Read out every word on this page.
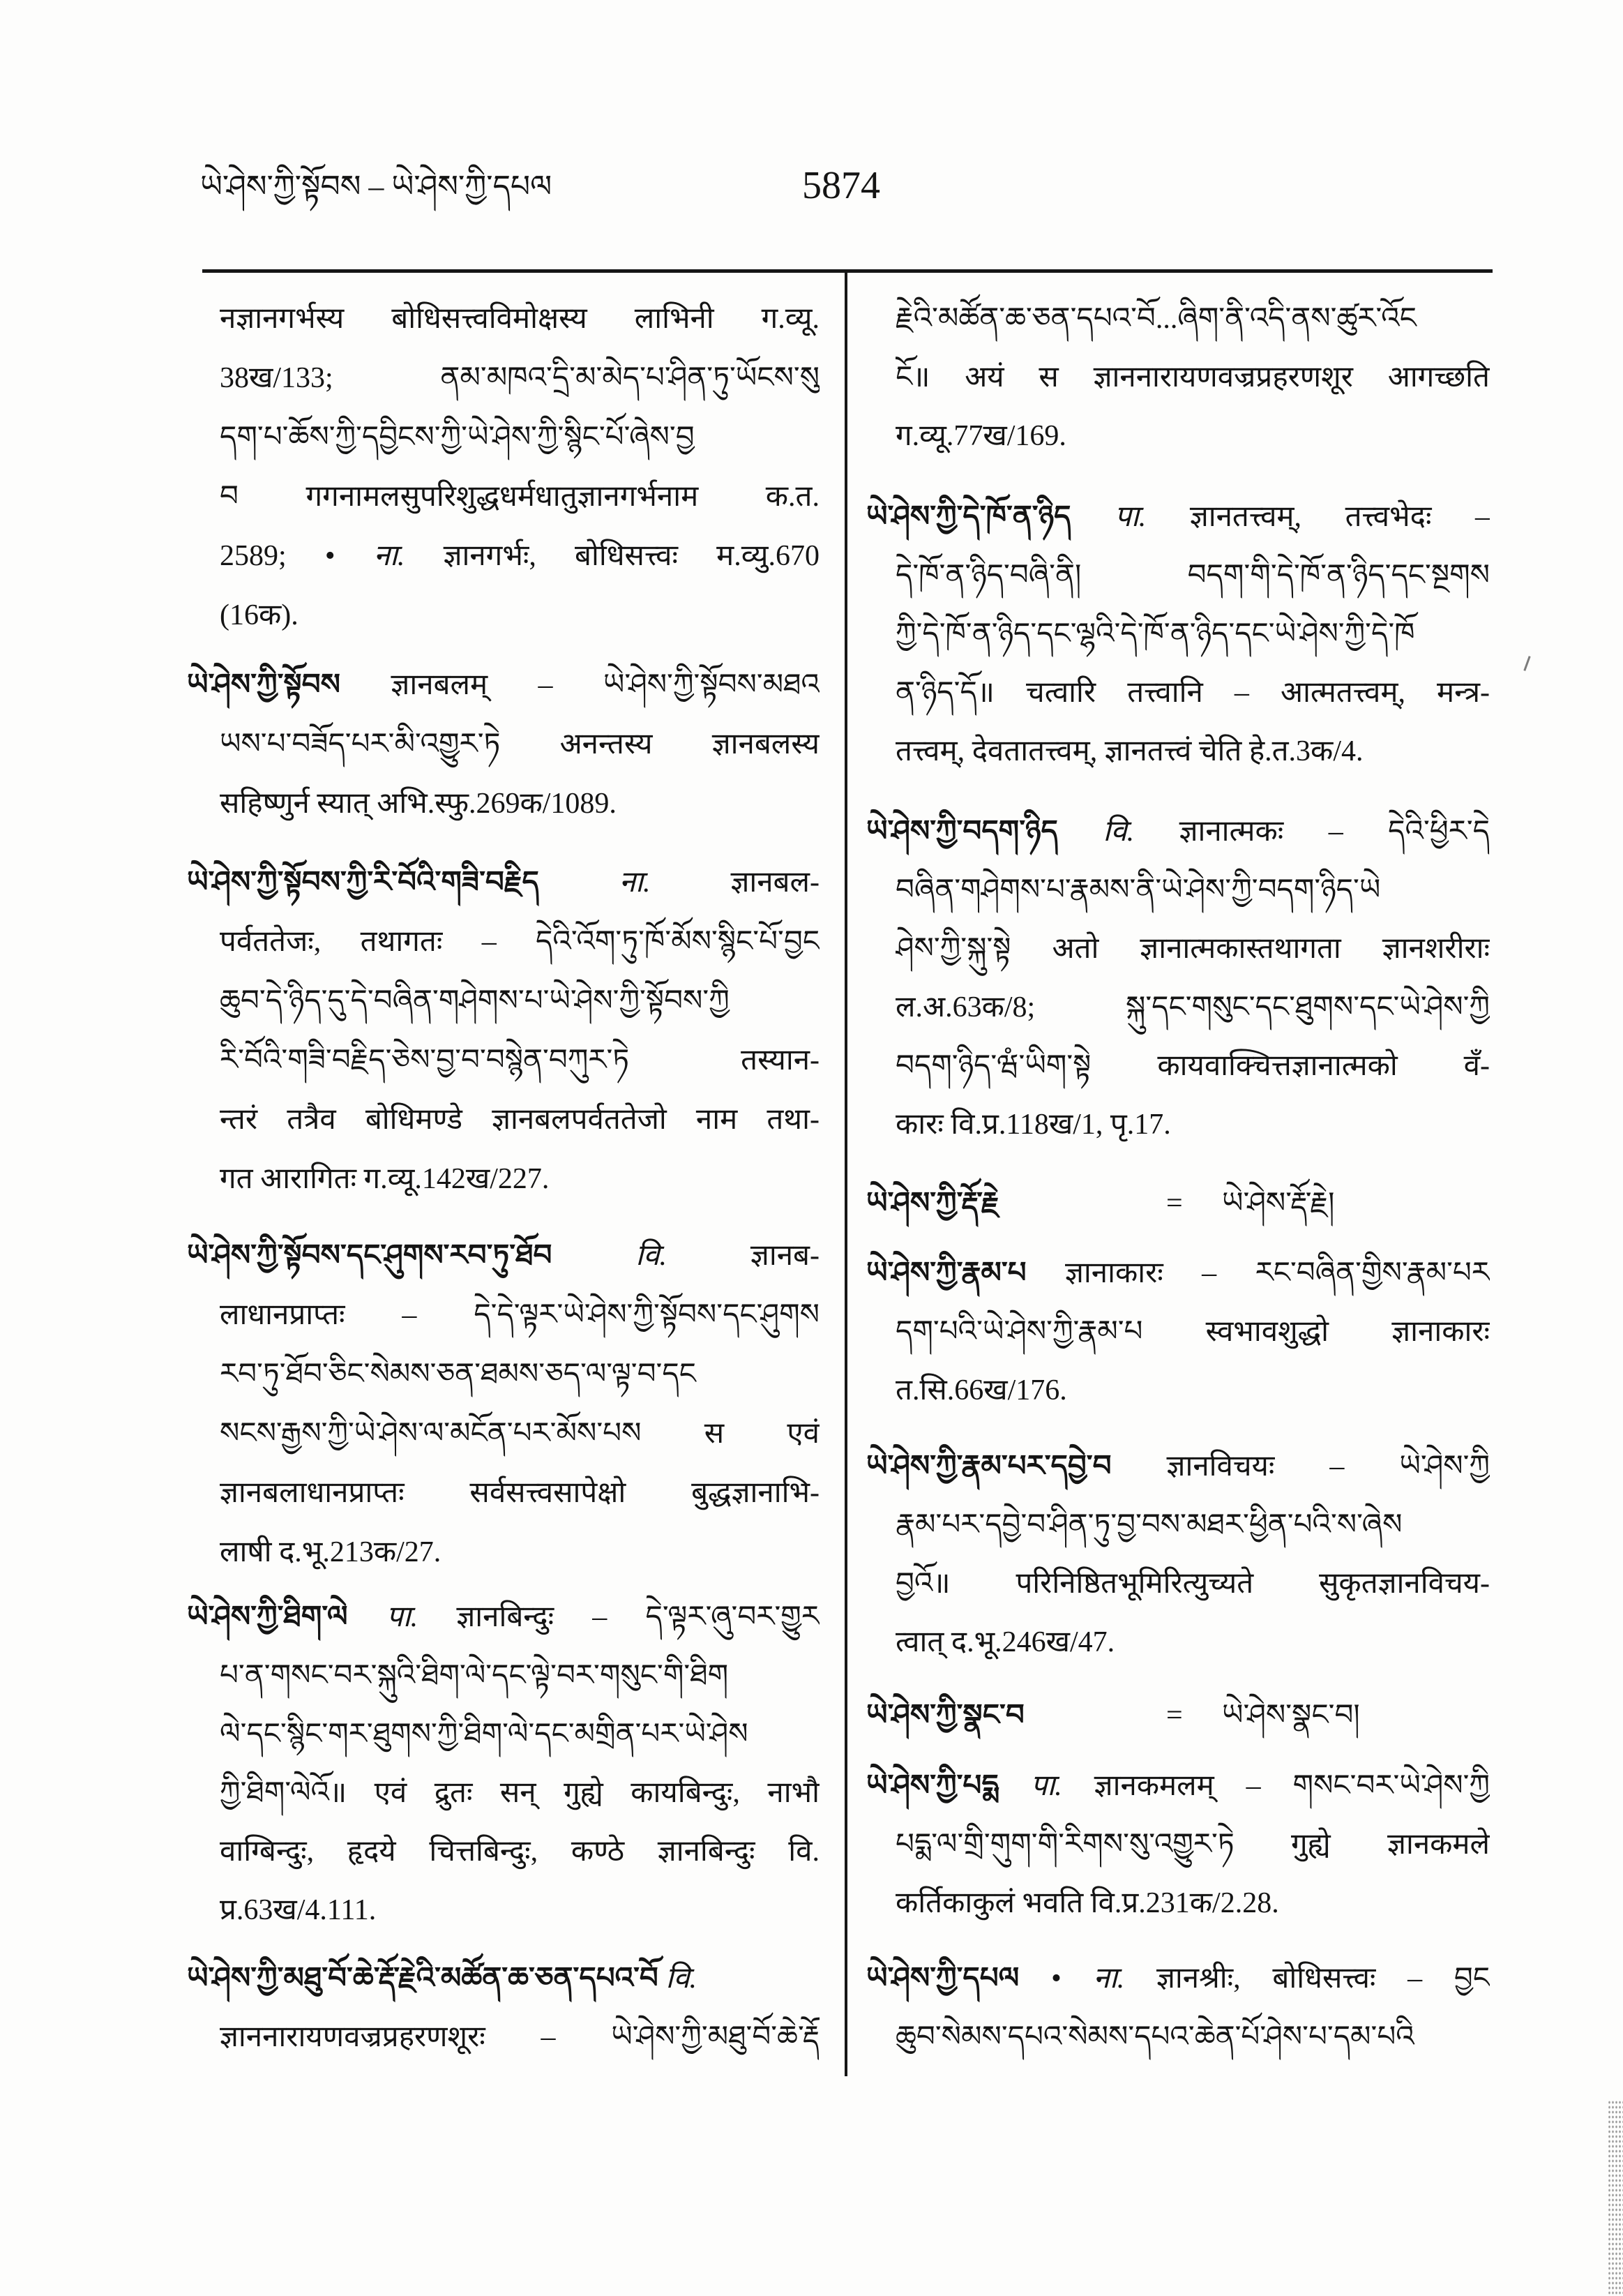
ཡེ་ཤེས་ཀྱི་སྟོབས – ཡེ་ཤེས་ཀྱི་དཔལ	5874
नज्ञानगर्भस्य बोधिसत्त्वविमोक्षस्य लाभिनी ग.व्यू.
38ख/133; ནམ་མཁའ་དྲི་མ་མེད་པ་ཤིན་ཏུ་ཡོངས་སུ
དག་པ་ཆོས་ཀྱི་དབྱིངས་ཀྱི་ཡེ་ཤེས་ཀྱི་སྙིང་པོ་ཞེས་བྱ
བ गगनामलसुपरिशुद्धधर्मधातुज्ञानगर्भनाम क.त.
2589; • ना. ज्ञानगर्भः, बोधिसत्त्वः म.व्यु.670
(16क).
ཡེ་ཤེས་ཀྱི་སྟོབས ज्ञानबलम् – ཡེ་ཤེས་ཀྱི་སྟོབས་མཐའ
ཡས་པ་བཟོད་པར་མི་འགྱུར་ཏེ अनन्तस्य ज्ञानबलस्य
सहिष्णुर्न स्यात् अभि.स्फु.269क/1089.
ཡེ་ཤེས་ཀྱི་སྟོབས་ཀྱི་རི་བོའི་གཟི་བརྗིད	ना.	ज्ञानबल-
पर्वततेजः, तथागतः – དེའི་འོག་ཏུ་ཁོ་མོས་སྙིང་པོ་བྱང
ཆུབ་དེ་ཉིད་དུ་དེ་བཞིན་གཤེགས་པ་ཡེ་ཤེས་ཀྱི་སྟོབས་ཀྱི
རི་བོའི་གཟི་བརྗིད་ཅེས་བྱ་བ་བསྙེན་བཀུར་ཏེ तस्यान-
न्तरं तत्रैव बोधिमण्डे ज्ञानबलपर्वततेजो नाम तथा-
गत आरागितः ग.व्यू.142ख/227.
ཡེ་ཤེས་ཀྱི་སྟོབས་དང་ཤུགས་རབ་ཏུ་ཐོབ	वि.	ज्ञानब-
लाधानप्राप्तः – དེ་དེ་ལྟར་ཡེ་ཤེས་ཀྱི་སྟོབས་དང་ཤུགས
རབ་ཏུ་ཐོབ་ཅིང་སེམས་ཅན་ཐམས་ཅད་ལ་ལྟ་བ་དང
སངས་རྒྱས་ཀྱི་ཡེ་ཤེས་ལ་མངོན་པར་མོས་པས स एवं
ज्ञानबलाधानप्राप्तः सर्वसत्त्वसापेक्षो बुद्धज्ञानाभि-
लाषी द.भू.213क/27.
ཡེ་ཤེས་ཀྱི་ཐིག་ལེ पा. ज्ञानबिन्दुः – དེ་ལྟར་ཞུ་བར་གྱུར
པ་ན་གསང་བར་སྐུའི་ཐིག་ལེ་དང་ལྟེ་བར་གསུང་གི་ཐིག
ལེ་དང་སྙིང་གར་ཐུགས་ཀྱི་ཐིག་ལེ་དང་མགྲིན་པར་ཡེ་ཤེས
ཀྱི་ཐིག་ལེའོ॥ एवं द्रुतः सन् गुह्ये कायबिन्दुः, नाभौ
वाग्बिन्दुः, हृदये चित्तबिन्दुः, कण्ठे ज्ञानबिन्दुः वि.
प्र.63ख/4.111.
ཡེ་ཤེས་ཀྱི་མཐུ་བོ་ཆེ་རྡོ་རྗེའི་མཚོན་ཆ་ཅན་དཔའ་བོ वि.
ज्ञाननारायणवज्रप्रहरणशूरः – ཡེ་ཤེས་ཀྱི་མཐུ་བོ་ཆེ་རྡོ
རྗེའི་མཚོན་ཆ་ཅན་དཔའ་བོ...ཞིག་ནི་འདི་ནས་ཚུར་འོང
ངོ॥ अयं स ज्ञाननारायणवज्रप्रहरणशूर आगच्छति
ग.व्यू.77ख/169.
ཡེ་ཤེས་ཀྱི་དེ་ཁོ་ན་ཉིད पा. ज्ञानतत्त्वम्, तत्त्वभेदः –
དེ་ཁོ་ན་ཉིད་བཞི་ནི། བདག་གི་དེ་ཁོ་ན་ཉིད་དང་སྔགས
ཀྱི་དེ་ཁོ་ན་ཉིད་དང་ལྷའི་དེ་ཁོ་ན་ཉིད་དང་ཡེ་ཤེས་ཀྱི་དེ་ཁོ
ན་ཉིད་དོ॥ चत्वारि तत्त्वानि – आत्मतत्त्वम्, मन्त्र-
तत्त्वम्, देवतातत्त्वम्, ज्ञानतत्त्वं चेति हे.त.3क/4.
ཡེ་ཤེས་ཀྱི་བདག་ཉིད वि. ज्ञानात्मकः – དེའི་ཕྱིར་དེ
བཞིན་གཤེགས་པ་རྣམས་ནི་ཡེ་ཤེས་ཀྱི་བདག་ཉིད་ཡེ
ཤེས་ཀྱི་སྐུ་སྟེ अतो ज्ञानात्मकास्तथागता ज्ञानशरीराः
ल.अ.63क/8; སྐུ་དང་གསུང་དང་ཐུགས་དང་ཡེ་ཤེས་ཀྱི
བདག་ཉིད་ཝཾ་ཡིག་སྟེ कायवाक्चित्तज्ञानात्मको वँ-
कारः वि.प्र.118ख/1, पृ.17.
ཡེ་ཤེས་ཀྱི་རྡོ་རྗེ	= ཡེ་ཤེས་རྡོ་རྗེ།
ཡེ་ཤེས་ཀྱི་རྣམ་པ ज्ञानाकारः – རང་བཞིན་གྱིས་རྣམ་པར
དག་པའི་ཡེ་ཤེས་ཀྱི་རྣམ་པ स्वभावशुद्धो ज्ञानाकारः
त.सि.66ख/176.
ཡེ་ཤེས་ཀྱི་རྣམ་པར་དབྱེ་བ ज्ञानविचयः – ཡེ་ཤེས་ཀྱི
རྣམ་པར་དབྱེ་བ་ཤིན་ཏུ་བྱ་བས་མཐར་ཕྱིན་པའི་ས་ཞེས
བྱའོ॥ परिनिष्ठितभूमिरित्युच्यते सुकृतज्ञानविचय-
त्वात् द.भू.246ख/47.
ཡེ་ཤེས་ཀྱི་སྣང་བ	= ཡེ་ཤེས་སྣང་བ།
ཡེ་ཤེས་ཀྱི་པདྨ पा. ज्ञानकमलम् – གསང་བར་ཡེ་ཤེས་ཀྱི
པདྨ་ལ་གྲི་གུག་གི་རིགས་སུ་འགྱུར་ཏེ गुह्ये ज्ञानकमले
कर्तिकाकुलं भवति वि.प्र.231क/2.28.
ཡེ་ཤེས་ཀྱི་དཔལ • ना. ज्ञानश्रीः, बोधिसत्त्वः – བྱང
ཆུབ་སེམས་དཔའ་སེམས་དཔའ་ཆེན་པོ་ཤེས་པ་དམ་པའི
